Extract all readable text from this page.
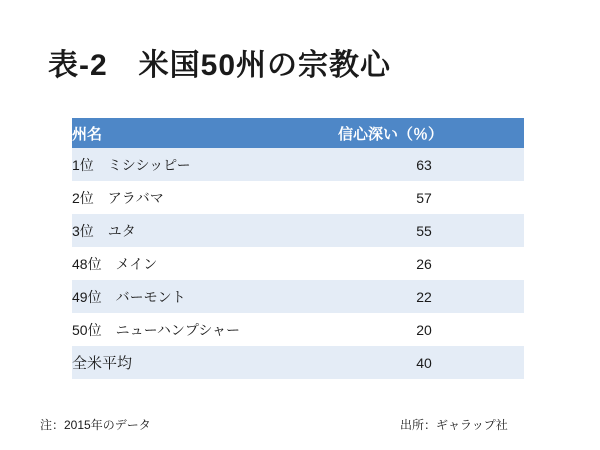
表-2　米国50州の宗教心
州名	信心深い（％）
1位 ミシシッピー	63
2位 アラバマ	57
3位 ユタ	55
48位 メイン	26
49位 バーモント	22
50位 ニューハンプシャー	20
全米平均	40
注：2015年のデータ	出所：ギャラップ社
